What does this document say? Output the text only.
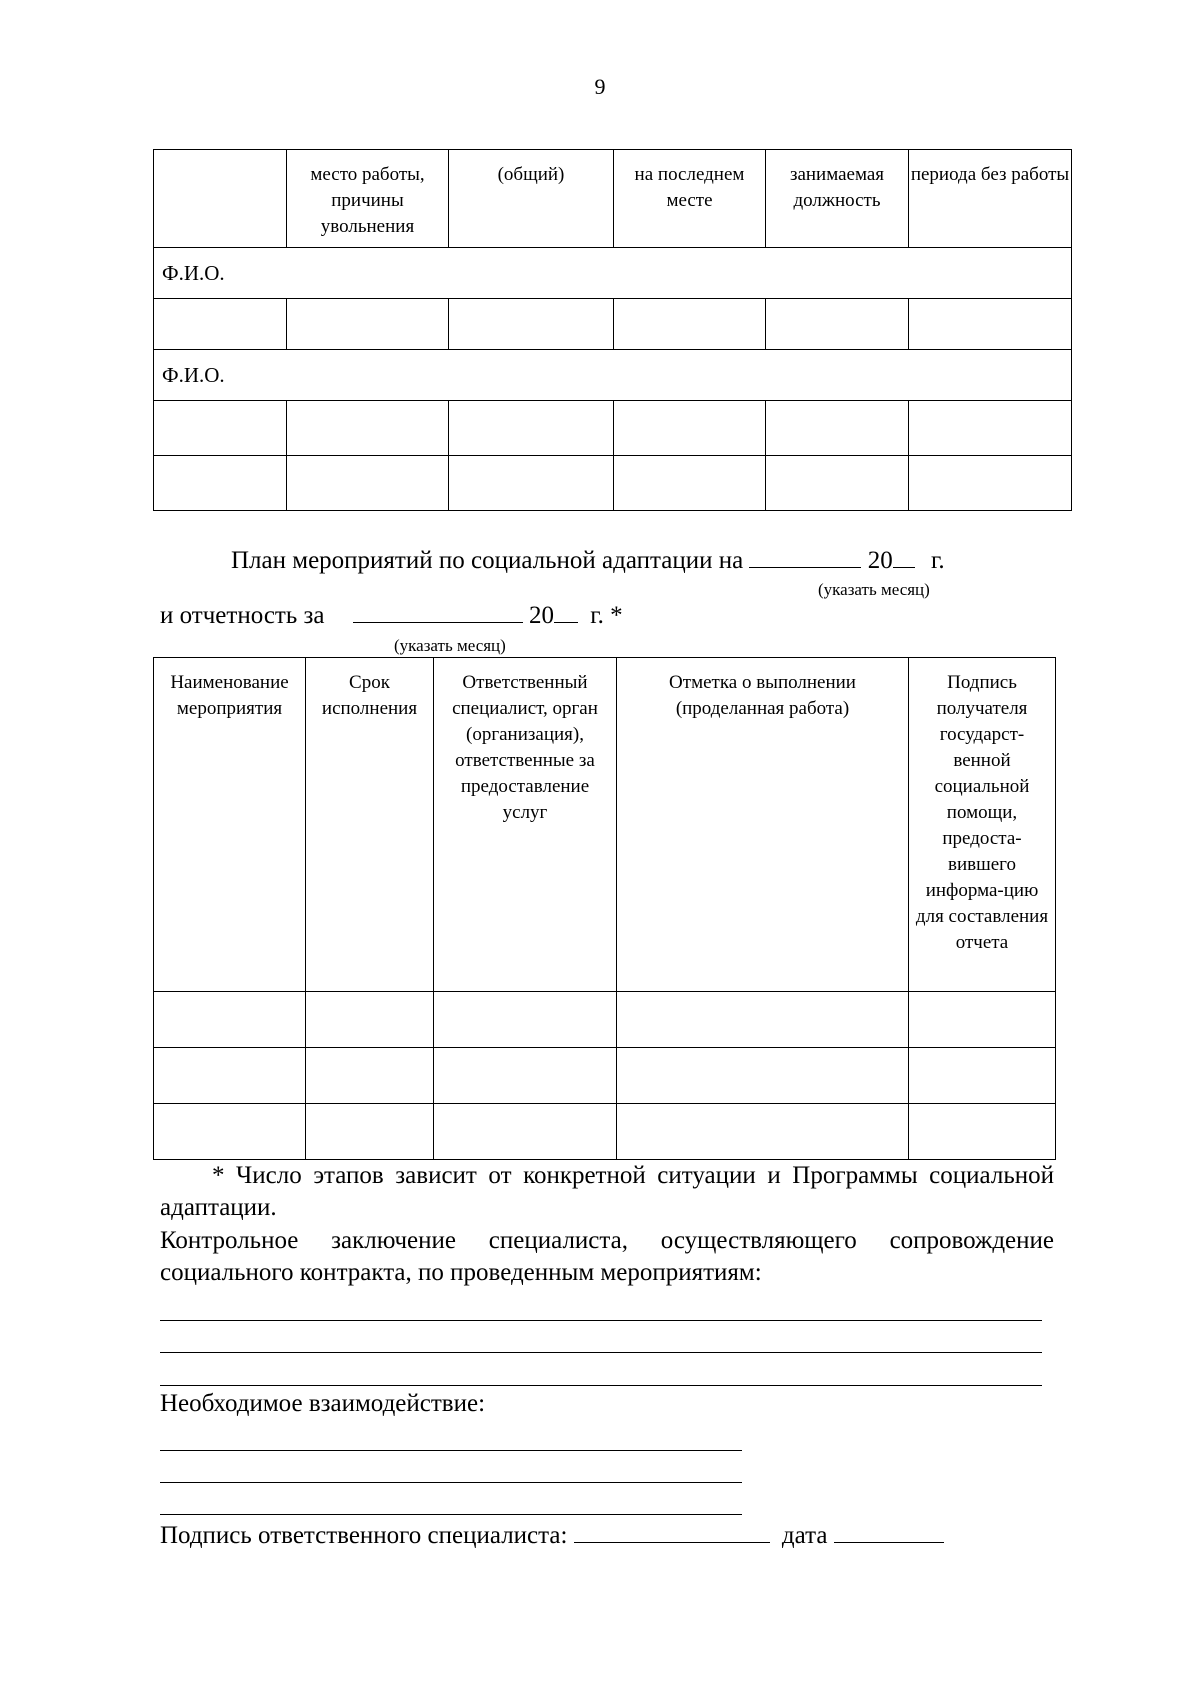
9
	место работы, причины увольнения	(общий)	на последнем месте	занимаемая должность	периода без работы
Ф.И.О.					

Ф.И.О.					

План мероприятий по социальной адаптации на	20 г.
(указать месяц)
и отчетность за	20 г. *
(указать месяц)
Наименование мероприятия	Срок исполнения	Ответственный специалист, орган (организация), ответственные за предоставление услуг	Отметка о выполнении (проделанная работа)	Подпись получателя государст-венной социальной помощи, предоста-вившего информа-цию для составления отчета

* Число этапов зависит от конкретной ситуации и Программы социальной адаптации.
Контрольное заключение специалиста, осуществляющего сопровождение социального контракта, по проведенным мероприятиям:
Необходимое взаимодействие:
Подпись ответственного специалиста:	дата
